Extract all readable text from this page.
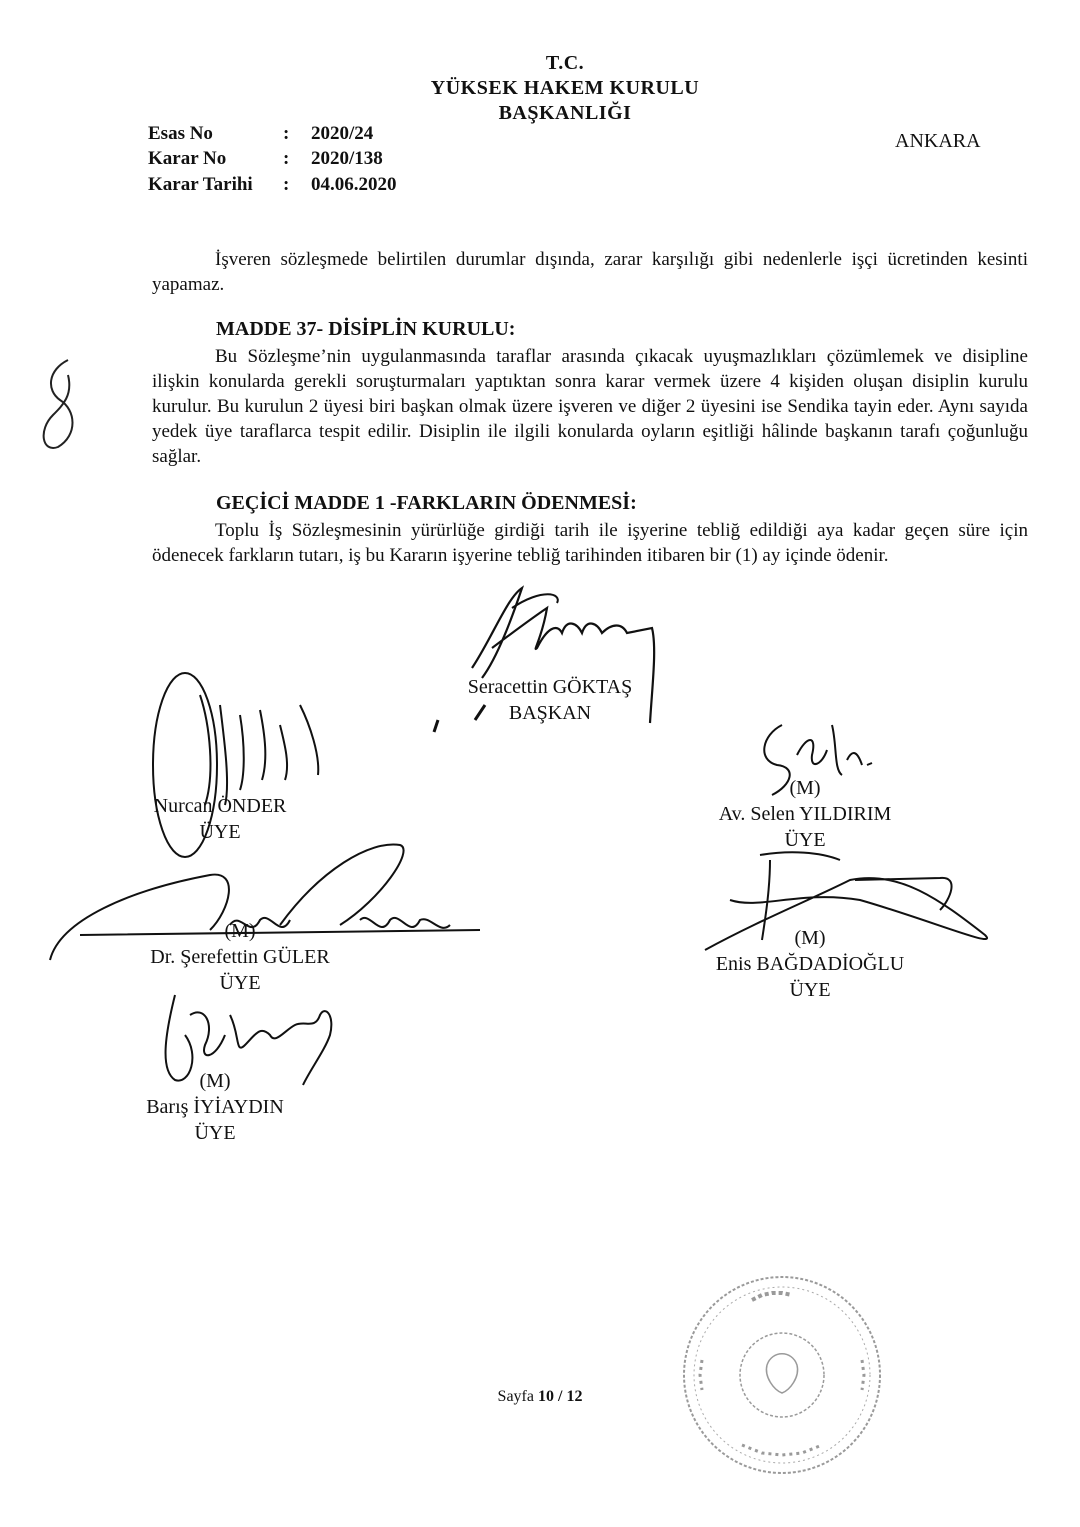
T.C.
YÜKSEK HAKEM KURULU
BAŞKANLIĞI
ANKARA
Esas No	: 2020/24
Karar No	: 2020/138
Karar Tarihi : 04.06.2020

İşveren sözleşmede belirtilen durumlar dışında, zarar karşılığı gibi nedenlerle işçi ücretinden kesinti yapamaz.

MADDE 37- DİSİPLİN KURULU:

Bu Sözleşme’nin uygulanmasında taraflar arasında çıkacak uyuşmazlıkları çözümlemek ve disipline ilişkin konularda gerekli soruşturmaları yaptıktan sonra karar vermek üzere 4 kişiden oluşan disiplin kurulu kurulur. Bu kurulun 2 üyesi biri başkan olmak üzere işveren ve diğer 2 üyesini ise Sendika tayin eder. Aynı sayıda yedek üye taraflarca tespit edilir. Disiplin ile ilgili konularda oyların eşitliği hâlinde başkanın tarafı çoğunluğu sağlar.

GEÇİCİ MADDE 1 -FARKLARIN ÖDENMESİ:

Toplu İş Sözleşmesinin yürürlüğe girdiği tarih ile işyerine tebliğ edildiği aya kadar geçen süre için ödenecek farkların tutarı, iş bu Kararın işyerine tebliğ tarihinden itibaren bir (1) ay içinde ödenir.

Seracettin GÖKTAŞ
BAŞKAN
Nurcan ÖNDER
ÜYE
(M)
Av. Selen YILDIRIM
ÜYE
(M)
Dr. Şerefettin GÜLER
ÜYE
(M)
Enis BAĞDADİOĞLU
ÜYE
(M)
Barış İYİAYDIN
ÜYE
Sayfa 10 / 12
